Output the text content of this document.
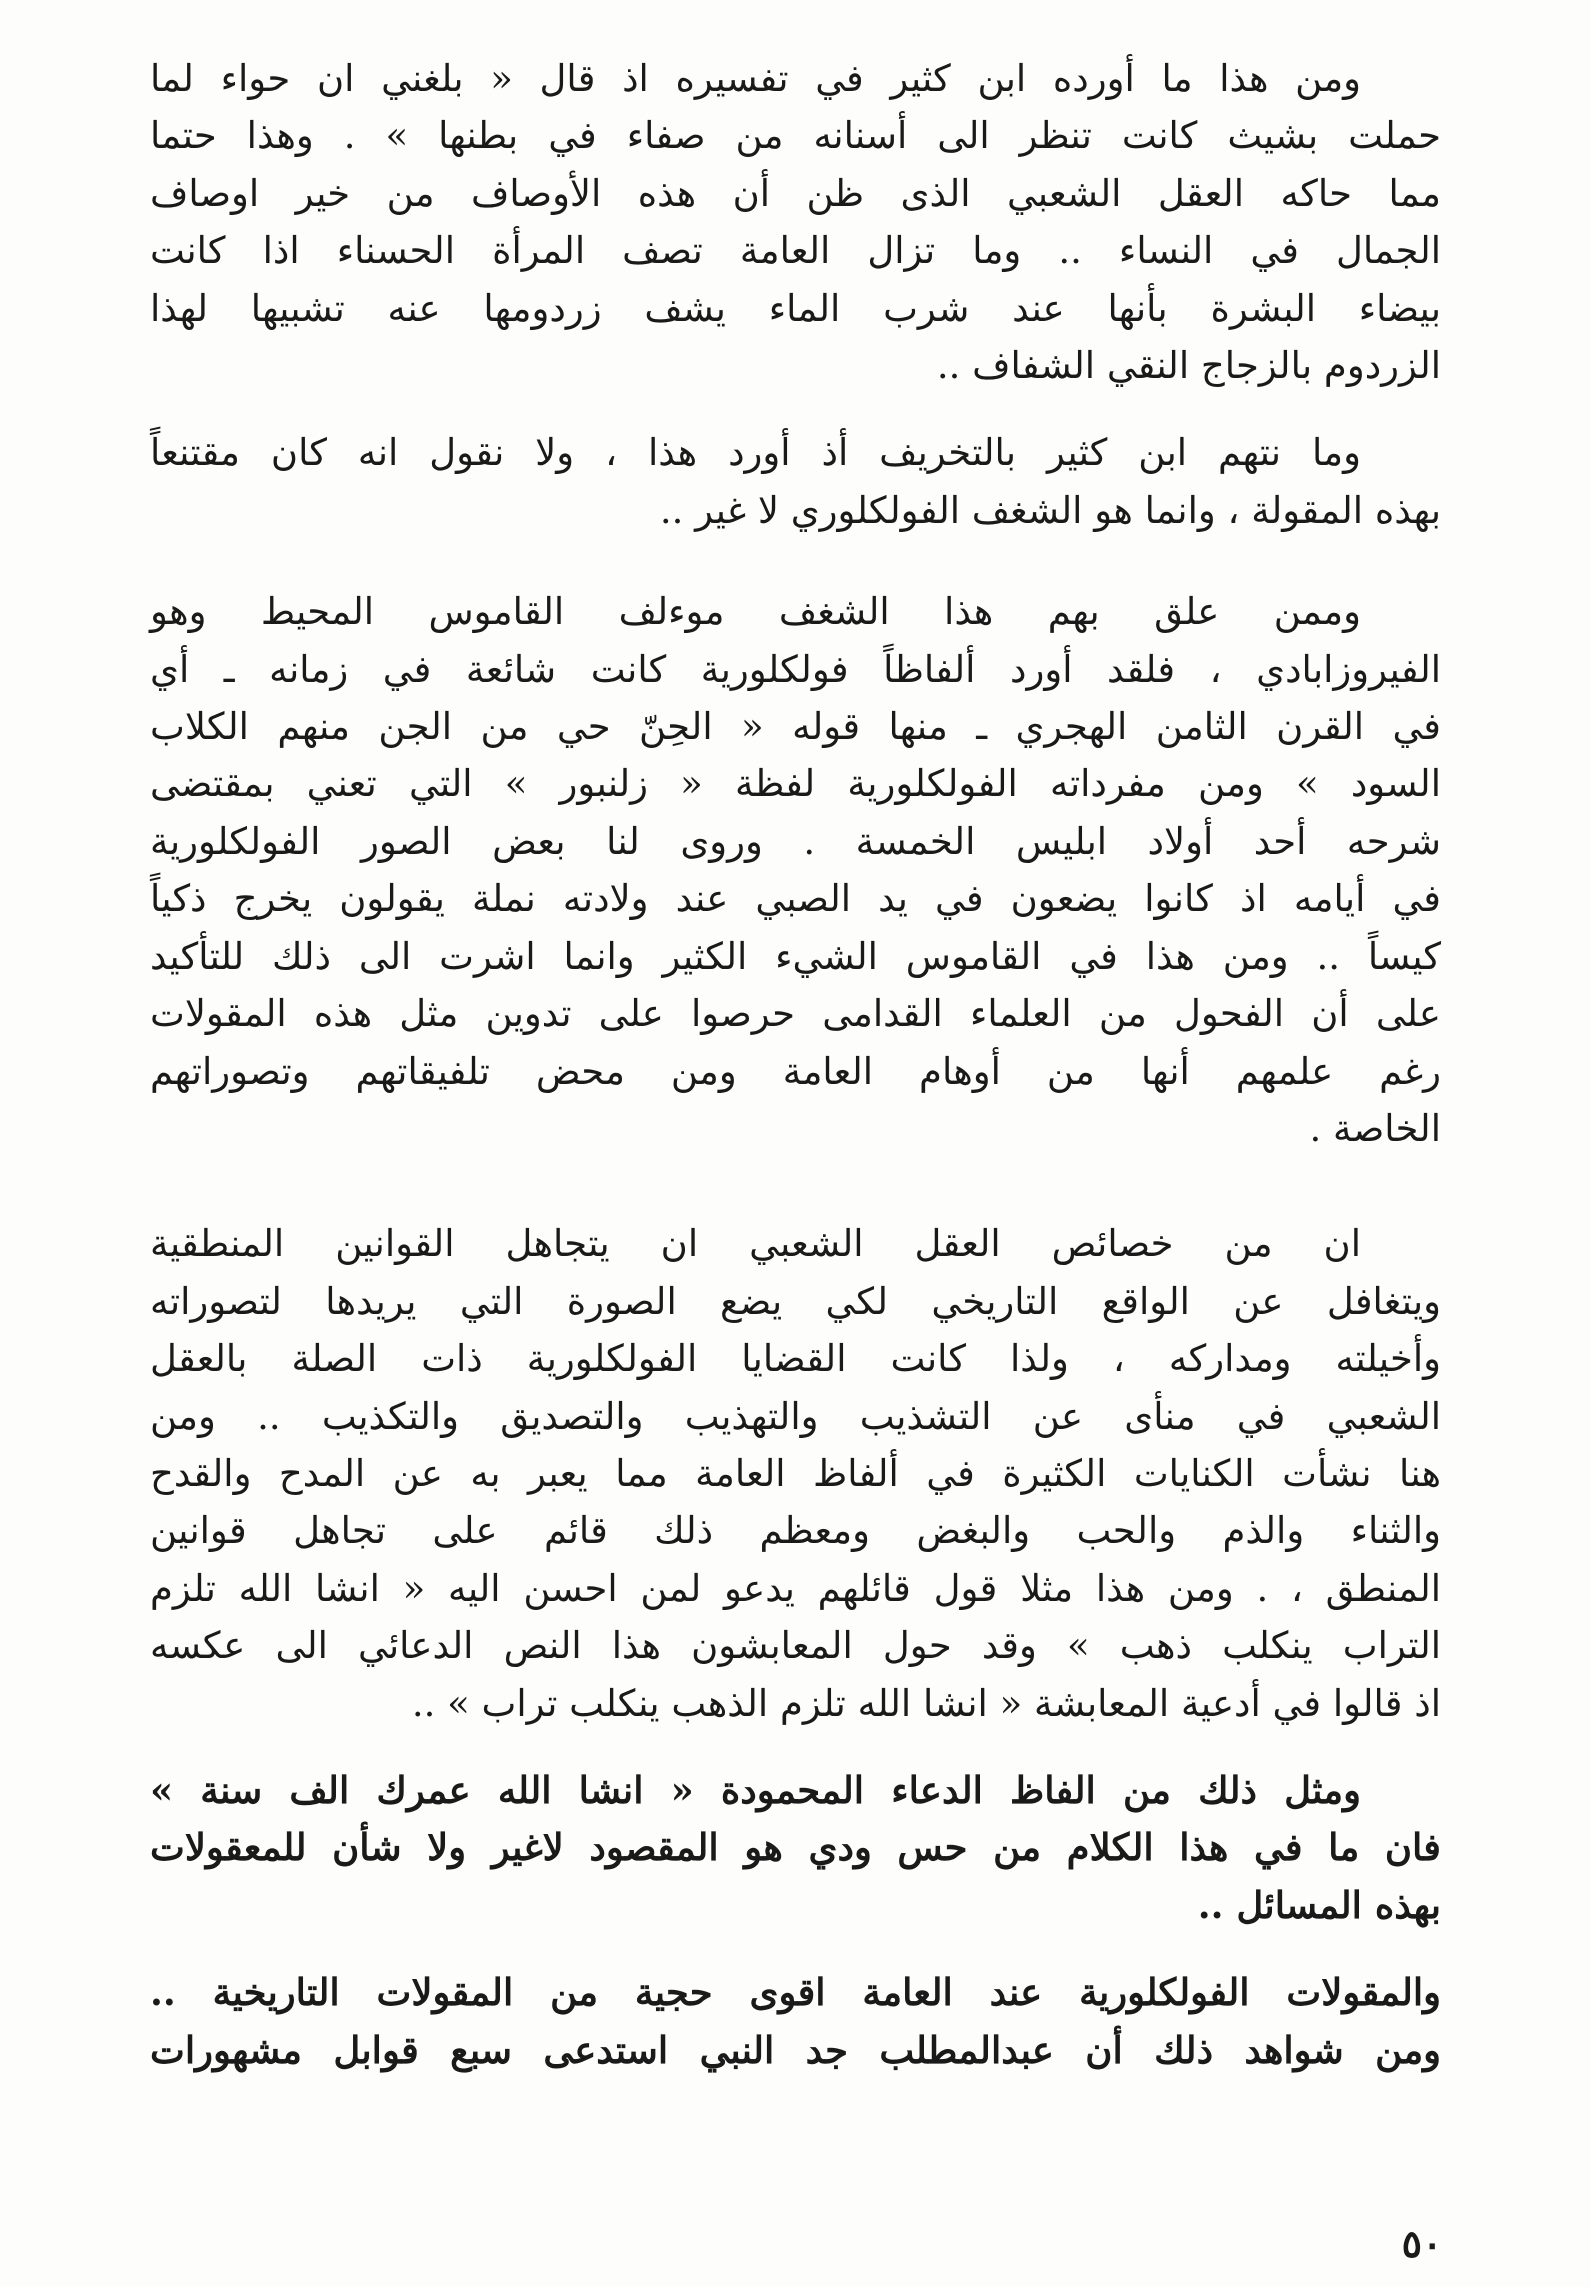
ومن هذا ما أورده ابن كثير في تفسيره اذ قال « بلغني ان حواء لما
حملت بشيث كانت تنظر الى أسنانه من صفاء في بطنها » . وهذا حتما
مما حاكه العقل الشعبي الذى ظن أن هذه الأوصاف من خير اوصاف
الجمال في النساء .. وما تزال العامة تصف المرأة الحسناء اذا كانت
بيضاء البشرة بأنها عند شرب الماء يشف زردومها عنه تشبيها لهذا
الزردوم بالزجاج النقي الشفاف ..

وما نتهم ابن كثير بالتخريف أذ أورد هذا ، ولا نقول انه كان مقتنعاً
بهذه المقولة ، وانما هو الشغف الفولكلوري لا غير ..

وممن علق بهم هذا الشغف موءلف القاموس المحيط وهو
الفيروزابادي ، فلقد أورد ألفاظاً فولكلورية كانت شائعة في زمانه ـ أي
في القرن الثامن الهجري ـ منها قوله « الحِنّ حي من الجن منهم الكلاب
السود » ومن مفرداته الفولكلورية لفظة « زلنبور » التي تعني بمقتضى
شرحه أحد أولاد ابليس الخمسة . وروى لنا بعض الصور الفولكلورية
في أيامه اذ كانوا يضعون في يد الصبي عند ولادته نملة يقولون يخرج ذكياً
كيساً .. ومن هذا في القاموس الشيء الكثير وانما اشرت الى ذلك للتأكيد
على أن الفحول من العلماء القدامى حرصوا على تدوين مثل هذه المقولات
رغم علمهم أنها من أوهام العامة ومن محض تلفيقاتهم وتصوراتهم
الخاصة .

ان من خصائص العقل الشعبي ان يتجاهل القوانين المنطقية
ويتغافل عن الواقع التاريخي لكي يضع الصورة التي يريدها لتصوراته
وأخيلته ومداركه ، ولذا كانت القضايا الفولكلورية ذات الصلة بالعقل
الشعبي في منأى عن التشذيب والتهذيب والتصديق والتكذيب .. ومن
هنا نشأت الكنايات الكثيرة في ألفاظ العامة مما يعبر به عن المدح والقدح
والثناء والذم والحب والبغض ومعظم ذلك قائم على تجاهل قوانين
المنطق ، . ومن هذا مثلا قول قائلهم يدعو لمن احسن اليه « انشا الله تلزم
التراب ينكلب ذهب » وقد حول المعابشون هذا النص الدعائي الى عكسه
اذ قالوا في أدعية المعابشة « انشا الله تلزم الذهب ينكلب تراب » ..

ومثل ذلك من الفاظ الدعاء المحمودة « انشا الله عمرك الف سنة »
فان ما في هذا الكلام من حس ودي هو المقصود لاغير ولا شأن للمعقولات
بهذه المسائل ..

والمقولات الفولكلورية عند العامة اقوى حجية من المقولات التاريخية ..
ومن شواهد ذلك أن عبدالمطلب جد النبي استدعى سبع قوابل مشهورات

٥٠
